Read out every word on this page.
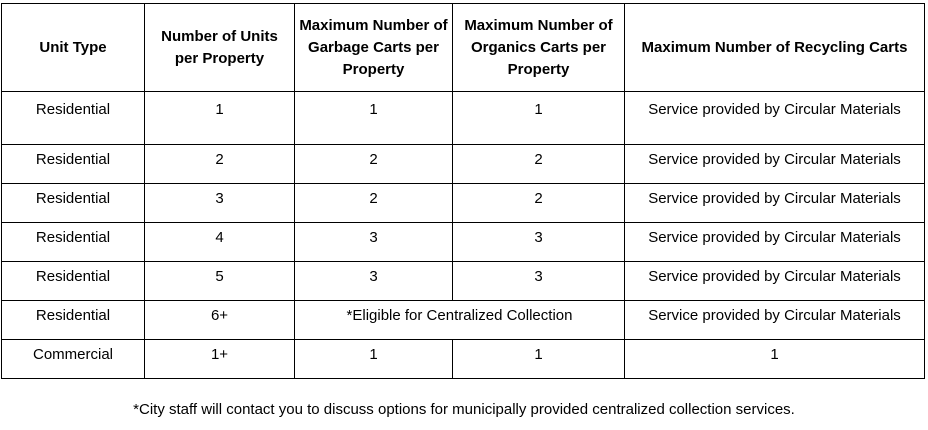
Unit Type	Number of Units per Property	Maximum Number of Garbage Carts per Property	Maximum Number of Organics Carts per Property	Maximum Number of Recycling Carts
Residential	1	1	1	Service provided by Circular Materials
Residential	2	2	2	Service provided by Circular Materials
Residential	3	2	2	Service provided by Circular Materials
Residential	4	3	3	Service provided by Circular Materials
Residential	5	3	3	Service provided by Circular Materials
Residential	6+	*Eligible for Centralized Collection		Service provided by Circular Materials
Commercial	1+	1	1	1
*City staff will contact you to discuss options for municipally provided centralized collection services.
